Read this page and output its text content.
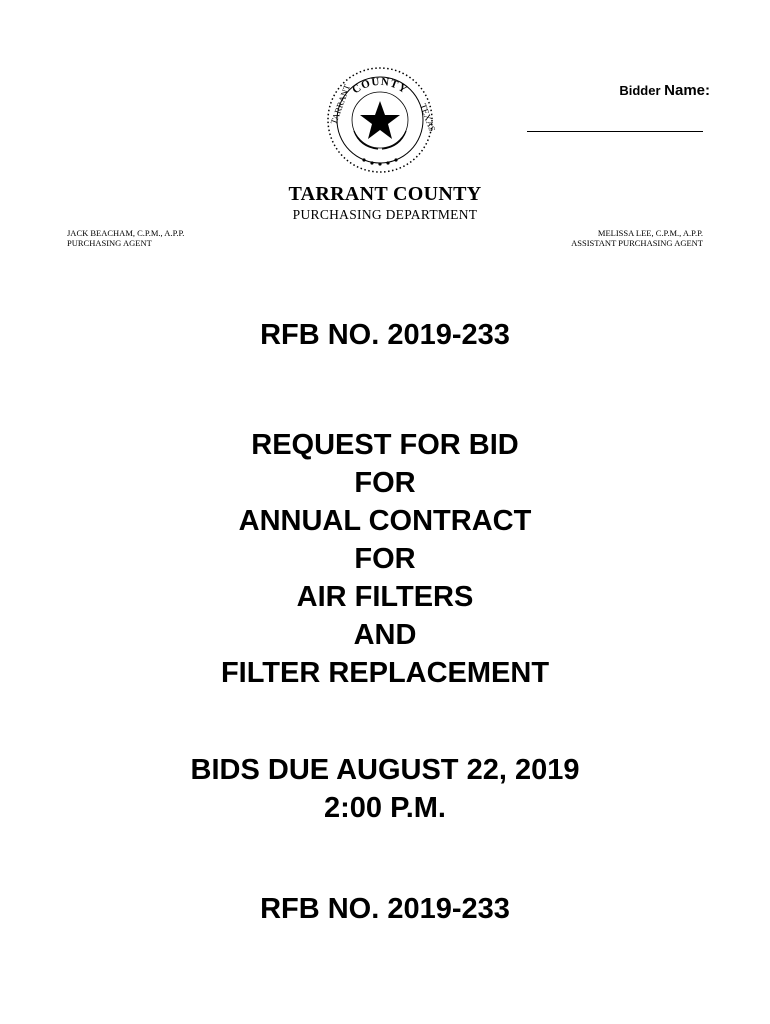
COUNTY
TARRANT	TEXAS
Bidder Name:
TARRANT COUNTY
PURCHASING DEPARTMENT
JACK BEACHAM, C.P.M., A.P.P.
PURCHASING AGENT
MELISSA LEE, C.P.M., A.P.P.
ASSISTANT PURCHASING AGENT
RFB NO. 2019-233
REQUEST FOR BID
FOR
ANNUAL CONTRACT
FOR
AIR FILTERS
AND
FILTER REPLACEMENT
BIDS DUE AUGUST 22, 2019
2:00 P.M.
RFB NO. 2019-233
